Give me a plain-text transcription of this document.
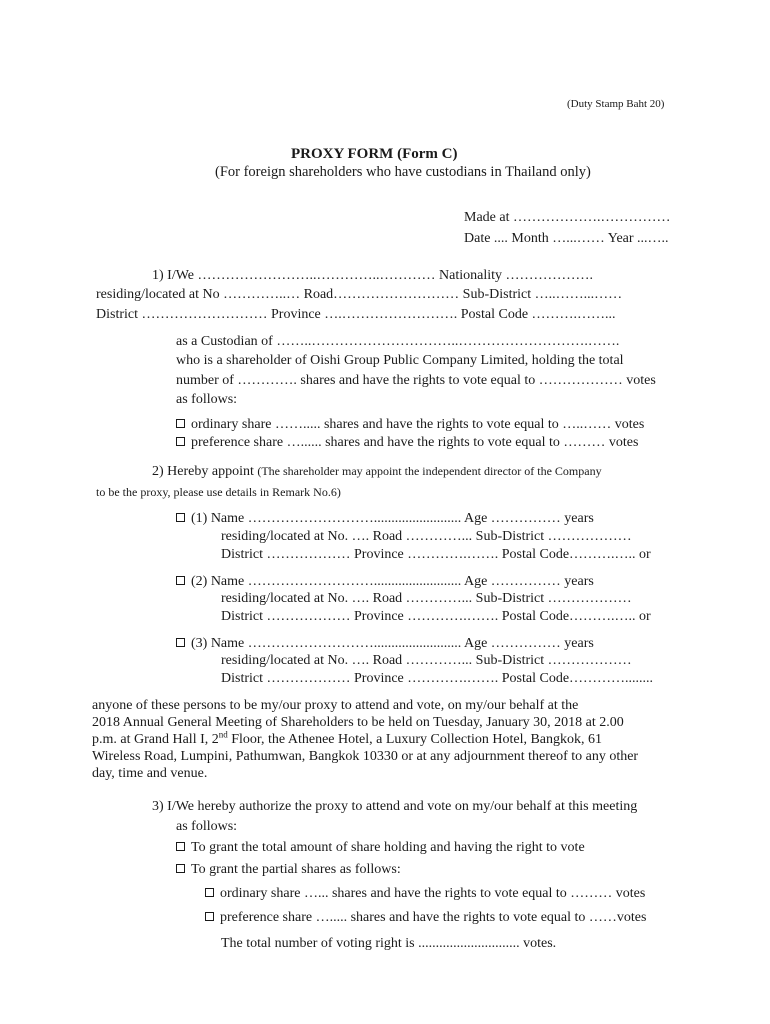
(Duty Stamp Baht 20)
PROXY FORM (Form C)
(For foreign shareholders who have custodians in Thailand only)
Made at ……………….……………
Date .... Month …...…… Year ...…..
1) I/We ……………………..…………..………… Nationality ……………….
residing/located at No …………..… Road……………………… Sub-District …..……...……
District ……………………… Province ….……………………. Postal Code ……….……...
as a Custodian of ……..…………………………..……………………….…….
who is a shareholder of Oishi Group Public Company Limited, holding the total
number of …………. shares and have the rights to vote equal to ……………… votes
as follows:
ordinary share ……..... shares and have the rights to vote equal to …..…… votes
preference share …...... shares and have the rights to vote equal to ……… votes
2) Hereby appoint (The shareholder may appoint the independent director of the Company
to be the proxy, please use details in Remark No.6)
(1) Name ………………………......................... Age …………… years
residing/located at No. …. Road …………... Sub-District ………………
District ……………… Province ………….……. Postal Code……….….. or
(2) Name ………………………......................... Age …………… years
residing/located at No. …. Road …………... Sub-District ………………
District ……………… Province ………….……. Postal Code……….….. or
(3) Name ………………………......................... Age …………… years
residing/located at No. …. Road …………... Sub-District ………………
District ……………… Province ………….……. Postal Code…………........
anyone of these persons to be my/our proxy to attend and vote, on my/our behalf at the
2018 Annual General Meeting of Shareholders to be held on Tuesday, January 30, 2018 at 2.00
p.m. at Grand Hall I, 2nd Floor, the Athenee Hotel, a Luxury Collection Hotel, Bangkok, 61
Wireless Road, Lumpini, Pathumwan, Bangkok 10330 or at any adjournment thereof to any other
day, time and venue.
3) I/We hereby authorize the proxy to attend and vote on my/our behalf at this meeting
as follows:
To grant the total amount of share holding and having the right to vote
To grant the partial shares as follows:
ordinary share …... shares and have the rights to vote equal to ……… votes
preference share …..... shares and have the rights to vote equal to ……votes
The total number of voting right is ............................. votes.
